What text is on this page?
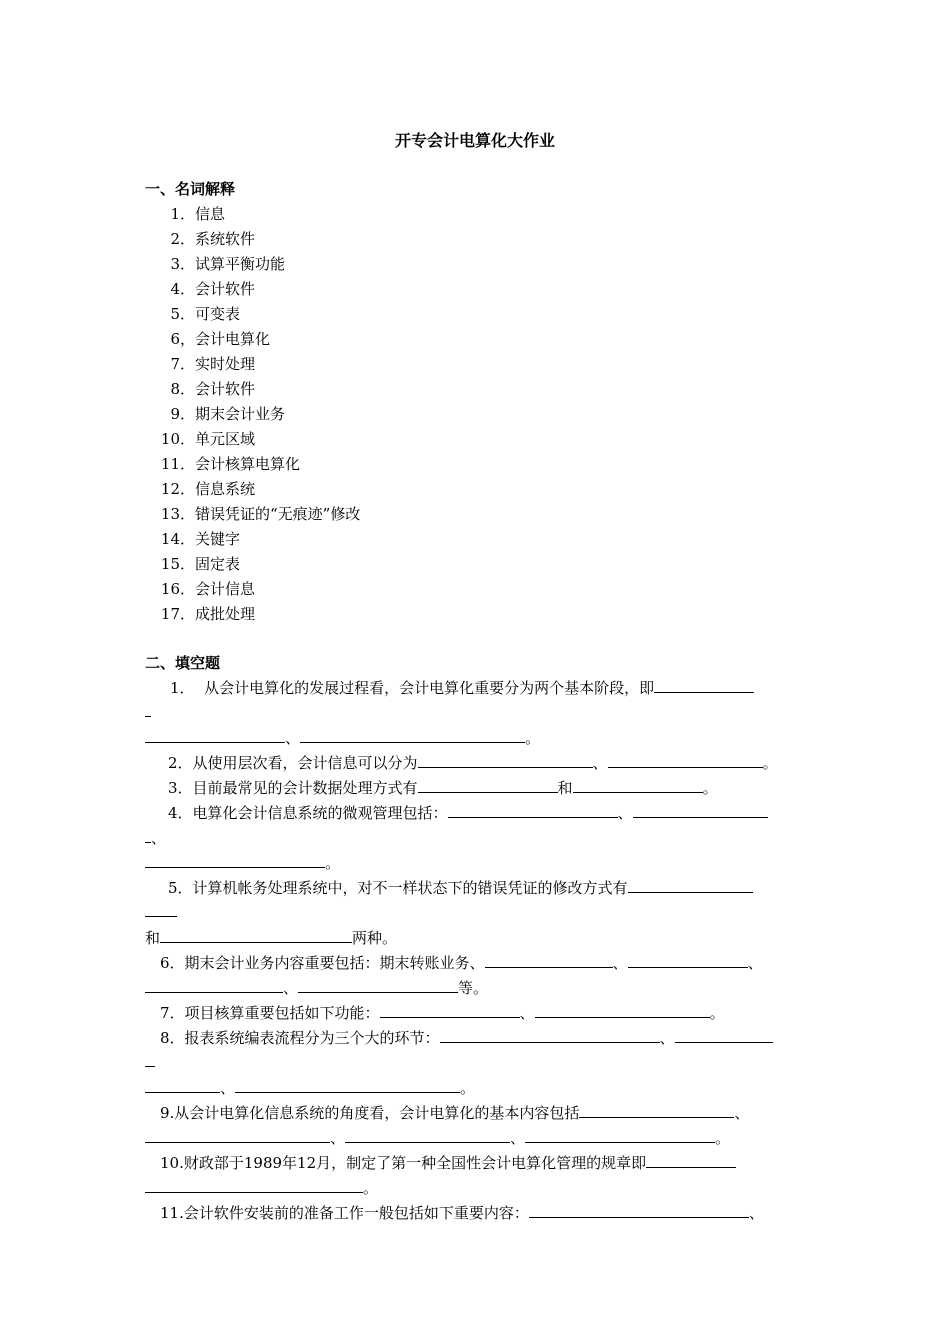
开专会计电算化大作业
一、名词解释
1．信息
2．系统软件
3．试算平衡功能
4．会计软件
5．可变表
6，会计电算化
7．实时处理
8．会计软件
9．期末会计业务
10．单元区域
11．会计核算电算化
12．信息系统
13．错误凭证的“无痕迹”修改
14．关键字
15．固定表
16．会计信息
17．成批处理
二、填空题
1．  从会计电算化的发展过程看，会计电算化重要分为两个基本阶段，即
、	。
2．从使用层次看，会计信息可以分为	、	。
3．目前最常见的会计数据处理方式有	和	。
4．电算化会计信息系统的微观管理包括：	、
、
。
5．计算机帐务处理系统中，对不一样状态下的错误凭证的修改方式有
和	两种。
6．期末会计业务内容重要包括：期末转账业务、	、	、
、	等。
7．项目核算重要包括如下功能：	、	。
8．报表系统编表流程分为三个大的环节：	、
、	。
9.从会计电算化信息系统的角度看，会计电算化的基本内容包括	、
、	、	。
10.财政部于1989年12月，制定了第一种全国性会计电算化管理的规章即
。
11.会计软件安装前的准备工作一般包括如下重要内容：	、
